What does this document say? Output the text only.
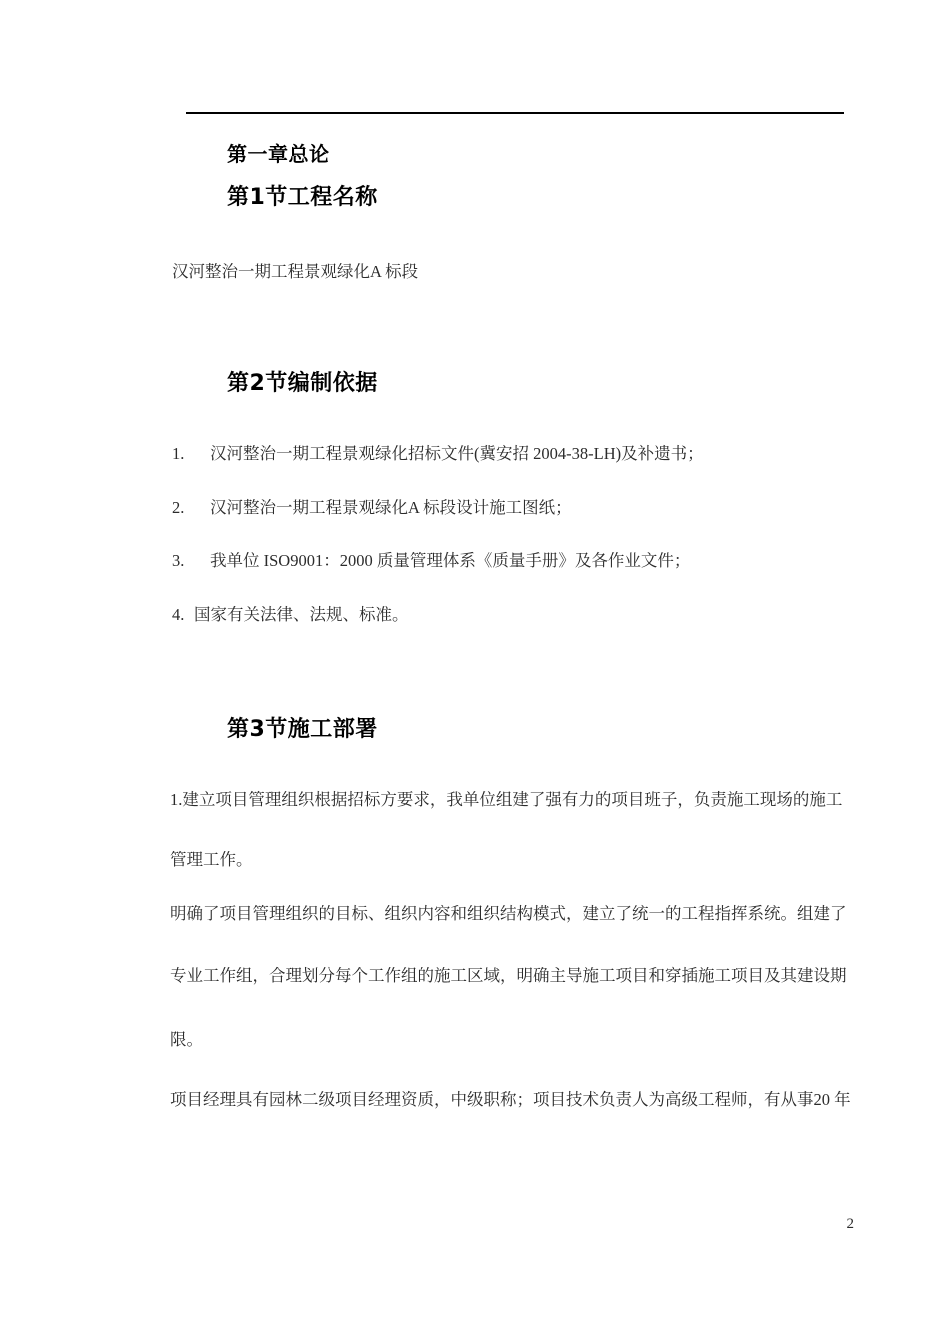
第一章总论
第1节工程名称
汉河整治一期工程景观绿化A 标段
第2节编制依据
1. 汉河整治一期工程景观绿化招标文件(冀安招 2004-38-LH)及补遗书；
2. 汉河整治一期工程景观绿化A 标段设计施工图纸；
3. 我单位 ISO9001：2000 质量管理体系《质量手册》及各作业文件；
4. 国家有关法律、法规、标准。
第3节施工部署
1.建立项目管理组织根据招标方要求，我单位组建了强有力的项目班子，负责施工现场的施工
管理工作。
明确了项目管理组织的目标、组织内容和组织结构模式，建立了统一的工程指挥系统。组建了
专业工作组，合理划分每个工作组的施工区域，明确主导施工项目和穿插施工项目及其建设期
限。
项目经理具有园林二级项目经理资质，中级职称；项目技术负责人为高级工程师，有从事20 年
2
